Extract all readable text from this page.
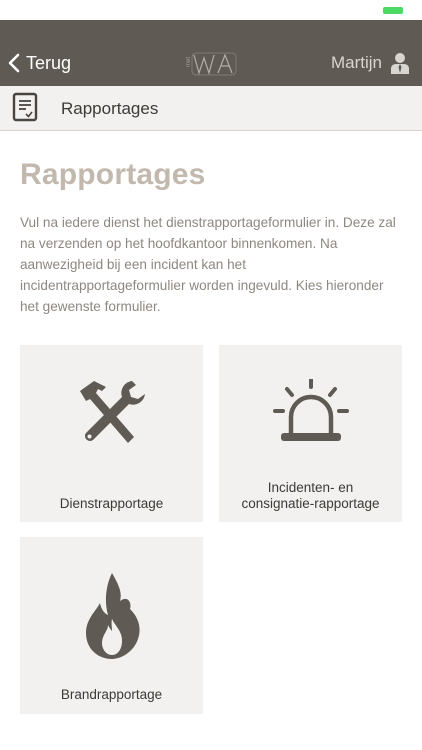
Terug	met	Martijn
Rapportages
Rapportages

Vul na iedere dienst het dienstrapportageformulier in. Deze zal na verzenden op het hoofdkantoor binnenkomen. Na aanwezigheid bij een incident kan het incidentrapportageformulier worden ingevuld. Kies hieronder het gewenste formulier.

Dienstrapportage
Incidenten- en
consignatie-rapportage
Brandrapportage
